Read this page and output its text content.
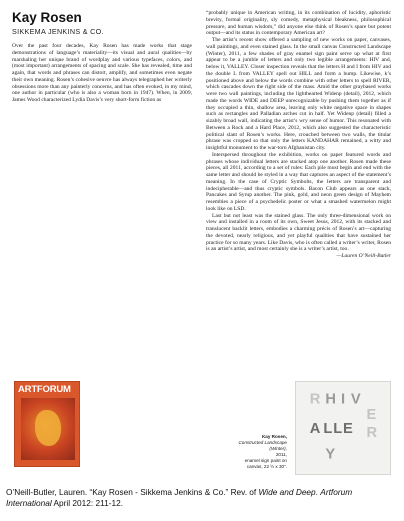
Kay Rosen
SIKKEMA JENKINS & CO.

Over the past four decades, Kay Rosen has made works that stage demonstrations of language’s materiality—its visual and aural qualities—by marshaling her unique brand of wordplay and various typefaces, colors, and (most important) arrangements of spacing and scale. She has revealed, time and again, that words and phrases can distort, amplify, and sometimes even negate their own meaning. Rosen’s cohesive oeuvre has always telegraphed her writerly obsessions more than any painterly concerns, and has often evoked, in my mind, one author in particular (who is also a woman born in 1947). When, in 2009, James Wood characterized Lydia Davis’s very short-form fiction as

“probably unique in American writing, in its combination of lucidity, aphoristic brevity, formal originality, sly comedy, metaphysical bleakness, philosophical pressure, and human wisdom,” did anyone else think of Rosen’s spare but potent output—and its status in contemporary American art?

The artist’s recent show offered a sampling of new works on paper, canvases, wall paintings, and even stained glass. In the small canvas Constructed Landscape (Winter), 2011, a few shades of gray enamel sign paint serve up what at first appear to be a jumble of letters and only two legible arrangements: HIV and, below it, VALLEY. Closer inspection reveals that the letters H and I from HIV and the double L from VALLEY spell out HILL and form a hump. Likewise, k’s positioned above and below the words combine with other letters to spell RIVER, which cascades down the right side of the mass. Amid the other graybased works were two wall paintings, including the lighthearted Widenp (detail), 2012, which made the words WIDE and DEEP unrecognizable by pushing them together as if they occupied a thin, shallow area, leaving only white negative space in shapes such as rectangles and Palladian arches cut in half. Yet Widenp (detail) filled a sizably broad wall, indicating the artist’s wry sense of humor. This resonated with Between a Rock and a Hard Place, 2012, which also suggested the characteristic political slant of Rosen’s works. Here, crouched between two walls, the titular phrase was cropped so that only the letters KANDAHAR remained, a witty and insightful monument to the war-torn Afghanistan city.

Interspersed throughout the exhibition, works on paper featured words and phrases whose individual letters are stacked atop one another. Rosen made these pieces, all 2011, according to a set of rules: Each pile must begin and end with the same letter and should be styled in a way that captures an aspect of the statement’s meaning. In the case of Cryptic Symbolts, the letters are transparent and indecipherable—and thus cryptic symbols. Bacon Club appears as one stack, Pancakes and Syrup another. The pink, gold, and neon green design of Mayhem resembles a piece of a psychedelic poster or what a smashed watermelon might look like on LSD.

Last but not least was the stained glass. The only three-dimensional work on view and installed in a room of its own, Sweet Jesus, 2012, with its stacked and translucent backlit letters, embodies a charming précis of Rosen’s art—capturing the devoted, nearly religious, and yet playful qualities that have sustained her practice for so many years. Like Davis, who is often called a writer’s writer, Rosen is an artist’s artist, and most certainly she is a writer’s artist, too.

—Lauren O’Neill-Butler

ARTFORUM
Kay Rosen,
Constructed Landscape
(Winter),
2011,
enamel sign paint on
canvas, 22 ½ x 30".
R H I V
E
R
A L L E
Y
O’Neill-Butler, Lauren. “Kay Rosen - Sikkema Jenkins & Co.” Rev. of Wide and Deep. Artforum International April 2012: 211-12.
